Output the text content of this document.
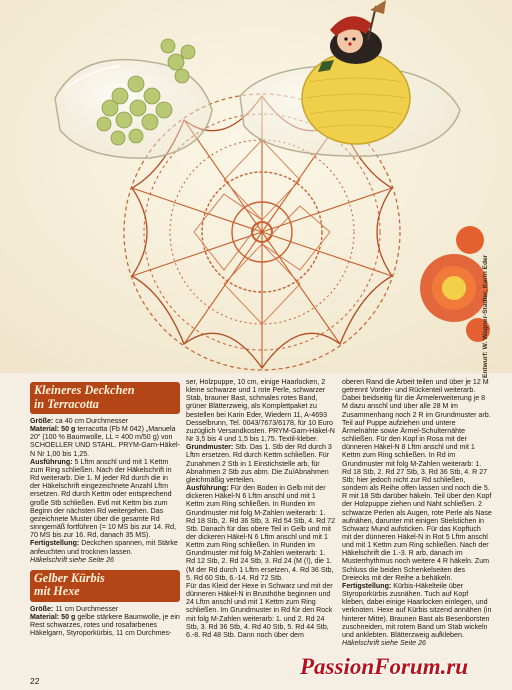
Entwurf: W. Wagner-Stadler, Karin Eder
Kleineres Deckchen
in Terracotta

Größe: ca 40 cm Durchmesser

Material: 50 g terracotta (Fb M 042) „Manuela 20" (100 % Baumwolle, LL = 400 m/50 g) von SCHOELLER UND STAHL. PRYM-Garn-Häkel-N Nr 1,00 bis 1,25.

Ausführung: 5 Lftm anschl und mit 1 Kettm zum Ring schließen. Nach der Häkelschrift in Rd weiterarb. Die 1. M jeder Rd durch die in der Häkelschrift eingezeichnete Anzahl Lftm ersetzen. Rd durch Kettm oder entsprechend große Stb schließen. Evtl mit Kettm bis zum Beginn der nächsten Rd weitergehen. Das gezeichnete Muster über die gesamte Rd sinngemäß fortführen (= 10 MS bis zur 14. Rd, 70 MS bis zur 16. Rd, danach 35 MS).

Fertigstellung: Deckchen spannen, mit Stärke anfeuchten und trocknen lassen.

Häkelschrift siehe Seite 26

Gelber Kürbis
mit Hexe

Größe: 11 cm Durchmesser

Material: 50 g gelbe stärkere Baumwolle, je ein Rest schwarzes, rotes und rosafarbenes Häkelgarn, Styroporkürbis, 11 cm Durchmes-

ser, Holzpuppe, 10 cm, einige Haarlocken, 2 kleine schwarze und 1 rote Perle, schwarzer Stab, brauner Bast, schmales rotes Band, grüner Blätterzweig, als Komplettpaket zu bestellen bei Karin Eder, Wiedern 11, A-4693 Desselbrunn, Tel. 0043/7673/6178, für 10 Euro zuzüglich Versandkosten. PRYM-Garn-Häkel-N Nr 3,5 bis 4 und 1,5 bis 1,75. Textil-kleber.

Grundmuster: Stb. Das 1. Stb der Rd durch 3 Lftm ersetzen. Rd durch Kettm schließen. Für Zunahmen 2 Stb in 1 Einstichstelle arb, für Abnahmen 2 Stb zus abm. Die Zu/Abnahmen gleichmäßig verteilen.

Ausführung: Für den Boden in Gelb mit der dickeren Häkel-N 6 Lftm anschl und mit 1 Kettm zum Ring schließen. In Runden im Grundmuster mit folg M-Zahlen weiterarb: 1. Rd 18 Stb, 2. Rd 36 Stb, 3. Rd 54 Stb, 4. Rd 72 Stb. Danach für das obere Teil in Gelb und mit der dickeren Häkel-N 6 Lftm anschl und mit 1 Kettm zum Ring schließen. In Runden im Grundmuster mit folg M-Zahlen weiterarb: 1. Rd 12 Stb, 2. Rd 24 Stb, 3. Rd 24 (M (!), die 1. (M der Rd durch 1 Lftm ersetzen, 4. Rd 36 Stb, 5. Rd 60 Stb, 6.-14. Rd 72 Stb.

Für das Kleid der Hexe in Schwarz und mit der dünneren Häkel-N in Brusthöhe beginnen und 24 Lftm anschl und mit 1 Kettm zum Ring schließen. Im Grundmuster in Rd für den Rock mit folg M-Zahlen weiterarb: 1. und 2. Rd 24 Stb, 3. Rd 36 Stb, 4. Rd 40 Stb, 5. Rd 44 Stb, 6.-8. Rd 48 Stb. Dann noch über dem

oberen Rand die Arbeit teilen und über je 12 M getrennt Vorder- und Rückenteil weiterarb. Dabei beidseitig für die Ärmelerweiterung je 8 M dazu anschl und über alle 28 M im Zusammenhang noch 2 R im Grundmuster arb. Teil auf Puppe aufziehen und untere Ärmelnähte sowie Ärmel-Schulternähte schließen. Für den Kopf in Rosa mit der dünneren Häkel-N 8 Lftm anschl und mit 1 Kettm zum Ring schließen. In Rd im Grundmuster mit folg M-Zahlen weiterarb: 1. Rd 18 Stb, 2. Rd 27 Stb, 3. Rd 36 Stb, 4. R 27 Stb; hier jedoch nicht zur Rd schließen, sondern als Reihe offen lassen und noch die 5. R mit 18 Stb darüber häkeln. Teil über den Kopf der Holzpuppe ziehen und Naht schließen. 2 schwarze Perlen als Augen, rote Perle als Nase aufnähen, darunter mit einigen Stielstichen in Schwarz Mund aufsticken. Für das Kopftuch mit der dünneren Häkel-N in Rot 5 Lftm anschl und mit 1 Kettm zum Ring schließen. Nach der Häkelschrift die 1.-3. R arb, danach im Musterrhythmus noch weitere 4 R häkeln. Zum Schluss die beiden Schenkelseiten des Dreiecks mit der Reihe a behäkeln.

Fertigstellung: Kürbis-Häkelteile über Styroporkürbis zusnähen. Tuch auf Kopf kleben, dabei einige Haarlocken einlegen, und verknoten. Hexe auf Kürbis sitzend annähen (in hinterer Mitte). Braunen Bast als Besenborsten zuschneiden, mit rotem Band um Stab wickeln und anklebten. Blätterzweig aufkleben.

Häkelschrift siehe Seite 26

22
PassionForum.ru
